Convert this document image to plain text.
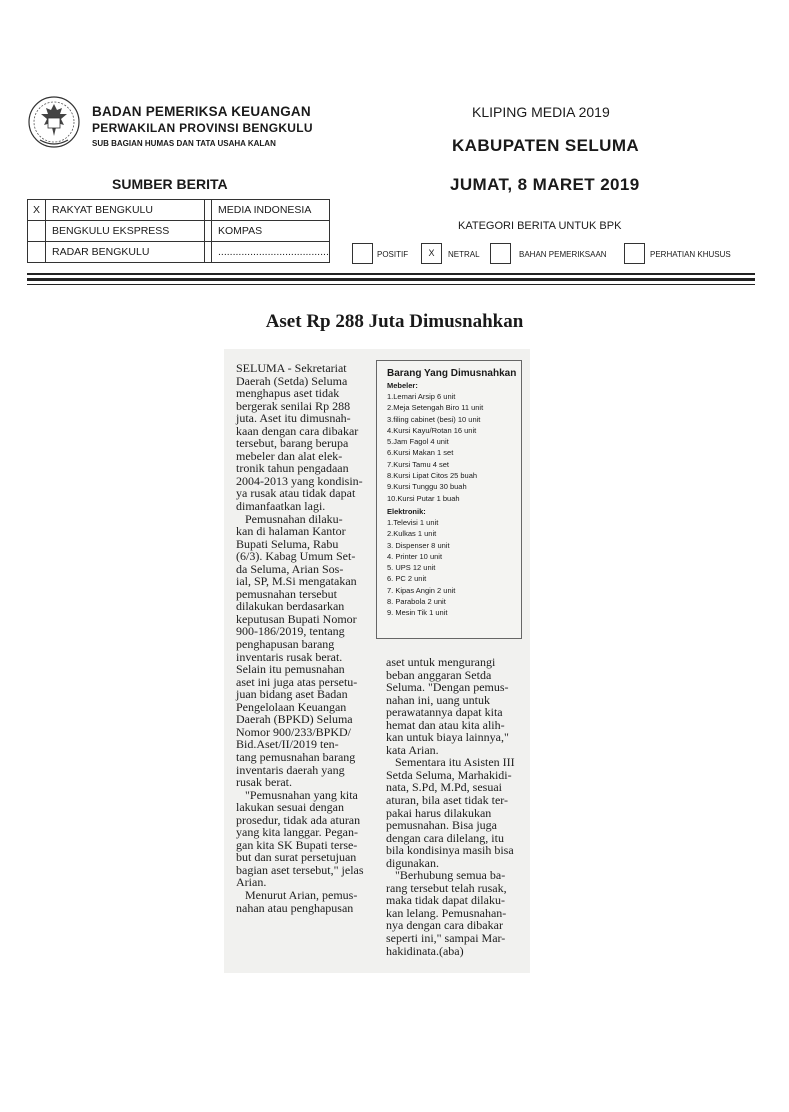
BADAN PEMERIKSA KEUANGAN
PERWAKILAN PROVINSI BENGKULU
SUB BAGIAN HUMAS DAN TATA USAHA KALAN
KLIPING MEDIA 2019
KABUPATEN SELUMA
JUMAT, 8 MARET 2019
SUMBER BERITA
X	RAKYAT BENGKULU		MEDIA INDONESIA
	BENGKULU EKSPRESS		KOMPAS
	RADAR BENGKULU		......................................
KATEGORI BERITA UNTUK BPK
POSITIF	X	NETRAL	BAHAN PEMERIKSAAN	PERHATIAN KHUSUS
Aset Rp 288 Juta Dimusnahkan

SELUMA - Sekretariat

Daerah (Setda) Seluma

menghapus aset tidak

bergerak senilai Rp 288

juta. Aset itu dimusnah-

kaan dengan cara dibakar

tersebut, barang berupa

mebeler dan alat elek-

tronik tahun pengadaan

2004-2013 yang kondisin-

ya rusak atau tidak dapat

dimanfaatkan lagi.

Pemusnahan dilaku-

kan di halaman Kantor

Bupati Seluma, Rabu

(6/3). Kabag Umum Set-

da Seluma, Arian Sos-

ial, SP, M.Si mengatakan

pemusnahan tersebut

dilakukan berdasarkan

keputusan Bupati Nomor

900-186/2019, tentang

penghapusan barang

inventaris rusak berat.

Selain itu pemusnahan

aset ini juga atas persetu-

juan bidang aset Badan

Pengelolaan Keuangan

Daerah (BPKD) Seluma

Nomor 900/233/BPKD/

Bid.Aset/II/2019 ten-

tang pemusnahan barang

inventaris daerah yang

rusak berat.

"Pemusnahan yang kita

lakukan sesuai dengan

prosedur, tidak ada aturan

yang kita langgar. Pegan-

gan kita SK Bupati terse-

but dan surat persetujuan

bagian aset tersebut," jelas

Arian.

Menurut Arian, pemus-

nahan atau penghapusan

aset untuk mengurangi

beban anggaran Setda

Seluma. "Dengan pemus-

nahan ini, uang untuk

perawatannya dapat kita

hemat dan atau kita alih-

kan untuk biaya lainnya,"

kata Arian.

Sementara itu Asisten III

Setda Seluma, Marhakidi-

nata, S.Pd, M.Pd, sesuai

aturan, bila aset tidak ter-

pakai harus dilakukan

pemusnahan. Bisa juga

dengan cara dilelang, itu

bila kondisinya masih bisa

digunakan.

"Berhubung semua ba-

rang tersebut telah rusak,

maka tidak dapat dilaku-

kan lelang. Pemusnahan-

nya dengan cara dibakar

seperti ini," sampai Mar-

hakidinata.(aba)

Barang Yang Dimusnahkan
Mebeler:
1.Lemari Arsip 6 unit
2.Meja Setengah Biro 11 unit
3.filing cabinet (besi) 10 unit
4.Kursi Kayu/Rotan 16 unit
5.Jam Fagol 4 unit
6.Kursi Makan 1 set
7.Kursi Tamu 4 set
8.Kursi Lipat Citos 25 buah
9.Kursi Tunggu 30 buah
10.Kursi Putar 1 buah
Elektronik:
1.Televisi 1 unit
2.Kulkas 1 unit
3. Dispenser 8 unit
4. Printer 10 unit
5. UPS 12 unit
6. PC 2 unit
7. Kipas Angin 2 unit
8. Parabola 2 unit
9. Mesin Tik 1 unit
